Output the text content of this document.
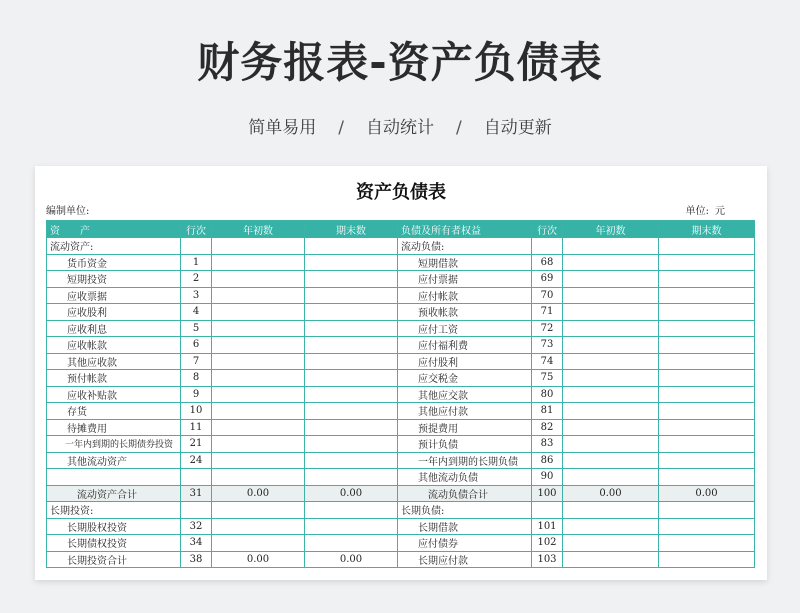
财务报表-资产负债表
简单易用 / 自动统计 / 自动更新
资产负债表
编制单位:	单位: 元
资　　产	行次	年初数	期末数	负债及所有者权益	行次	年初数	期末数
流动资产:				流动负债:			
货币资金	1			短期借款	68		
短期投资	2			应付票据	69		
应收票据	3			应付帐款	70		
应收股利	4			预收帐款	71		
应收利息	5			应付工资	72		
应收帐款	6			应付福利费	73		
其他应收款	7			应付股利	74		
预付帐款	8			应交税金	75		
应收补贴款	9			其他应交款	80		
存货	10			其他应付款	81		
待摊费用	11			预提费用	82		
一年内到期的长期债券投资	21			预计负债	83		
其他流动资产	24			一年内到期的长期负债	86		
				其他流动负债	90		
流动资产合计	31	0.00	0.00	流动负债合计	100	0.00	0.00
长期投资:				长期负债:			
长期股权投资	32			长期借款	101		
长期债权投资	34			应付债券	102		
长期投资合计	38	0.00	0.00	长期应付款	103		
